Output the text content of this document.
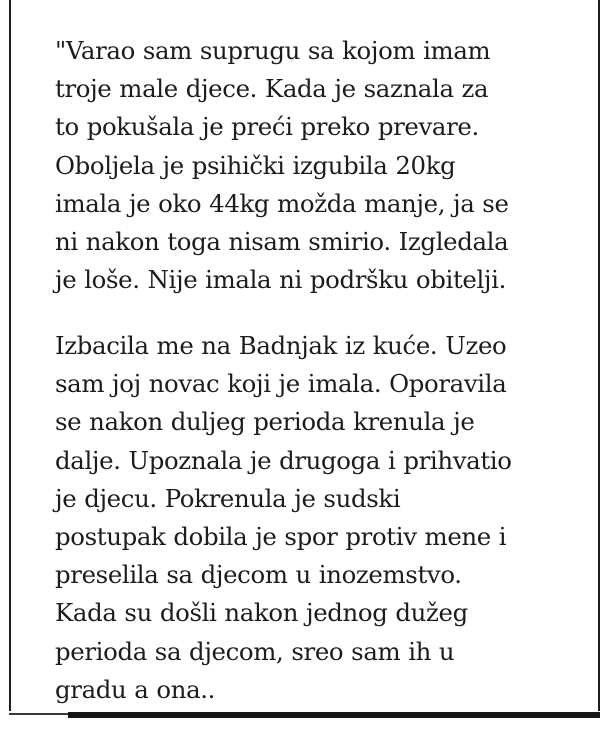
"Varao sam suprugu sa kojom imam
troje male djece. Kada je saznala za
to pokušala je preći preko prevare.
Oboljela je psihički izgubila 20kg
imala je oko 44kg možda manje, ja se
ni nakon toga nisam smirio. Izgledala
je loše. Nije imala ni podršku obitelji.
Izbacila me na Badnjak iz kuće. Uzeo
sam joj novac koji je imala. Oporavila
se nakon duljeg perioda krenula je
dalje. Upoznala je drugoga i prihvatio
je djecu. Pokrenula je sudski
postupak dobila je spor protiv mene i
preselila sa djecom u inozemstvo.
Kada su došli nakon jednog dužeg
perioda sa djecom, sreo sam ih u
gradu a ona..
